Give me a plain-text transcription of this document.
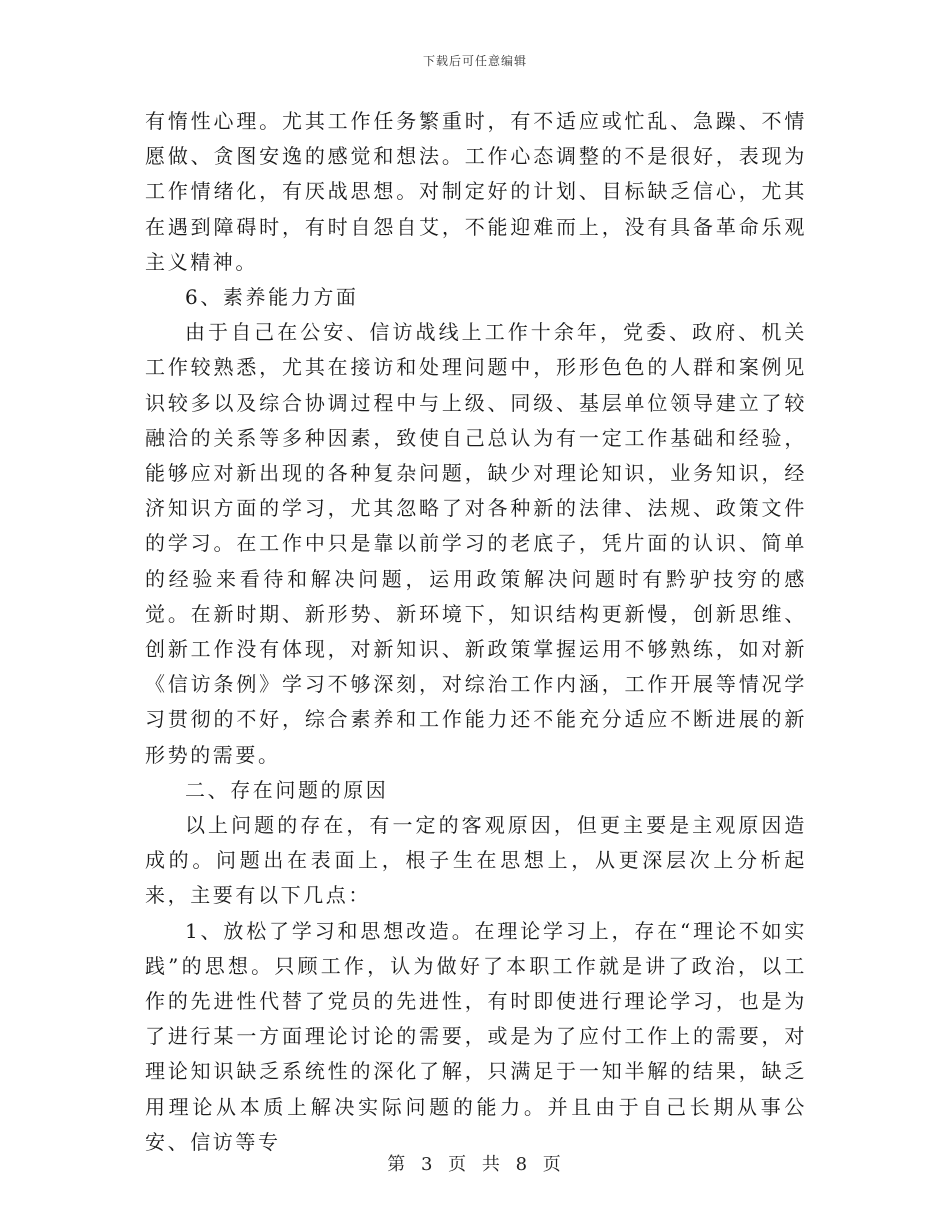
下载后可任意编辑

有惰性心理。尤其工作任务繁重时，有不适应或忙乱、急躁、不情愿做、贪图安逸的感觉和想法。工作心态调整的不是很好，表现为工作情绪化，有厌战思想。对制定好的计划、目标缺乏信心，尤其在遇到障碍时，有时自怨自艾，不能迎难而上，没有具备革命乐观主义精神。

6、素养能力方面

由于自己在公安、信访战线上工作十余年，党委、政府、机关工作较熟悉，尤其在接访和处理问题中，形形色色的人群和案例见识较多以及综合协调过程中与上级、同级、基层单位领导建立了较融洽的关系等多种因素，致使自己总认为有一定工作基础和经验，能够应对新出现的各种复杂问题，缺少对理论知识，业务知识，经济知识方面的学习，尤其忽略了对各种新的法律、法规、政策文件的学习。在工作中只是靠以前学习的老底子，凭片面的认识、简单的经验来看待和解决问题，运用政策解决问题时有黔驴技穷的感觉。在新时期、新形势、新环境下，知识结构更新慢，创新思维、创新工作没有体现，对新知识、新政策掌握运用不够熟练，如对新《信访条例》学习不够深刻，对综治工作内涵，工作开展等情况学习贯彻的不好，综合素养和工作能力还不能充分适应不断进展的新形势的需要。

二、存在问题的原因

以上问题的存在，有一定的客观原因，但更主要是主观原因造成的。问题出在表面上，根子生在思想上，从更深层次上分析起来，主要有以下几点：

1、放松了学习和思想改造。在理论学习上，存在“理论不如实践”的思想。只顾工作，认为做好了本职工作就是讲了政治，以工作的先进性代替了党员的先进性，有时即使进行理论学习，也是为了进行某一方面理论讨论的需要，或是为了应付工作上的需要，对理论知识缺乏系统性的深化了解，只满足于一知半解的结果，缺乏用理论从本质上解决实际问题的能力。并且由于自己长期从事公安、信访等专

第 3 页 共 8 页
